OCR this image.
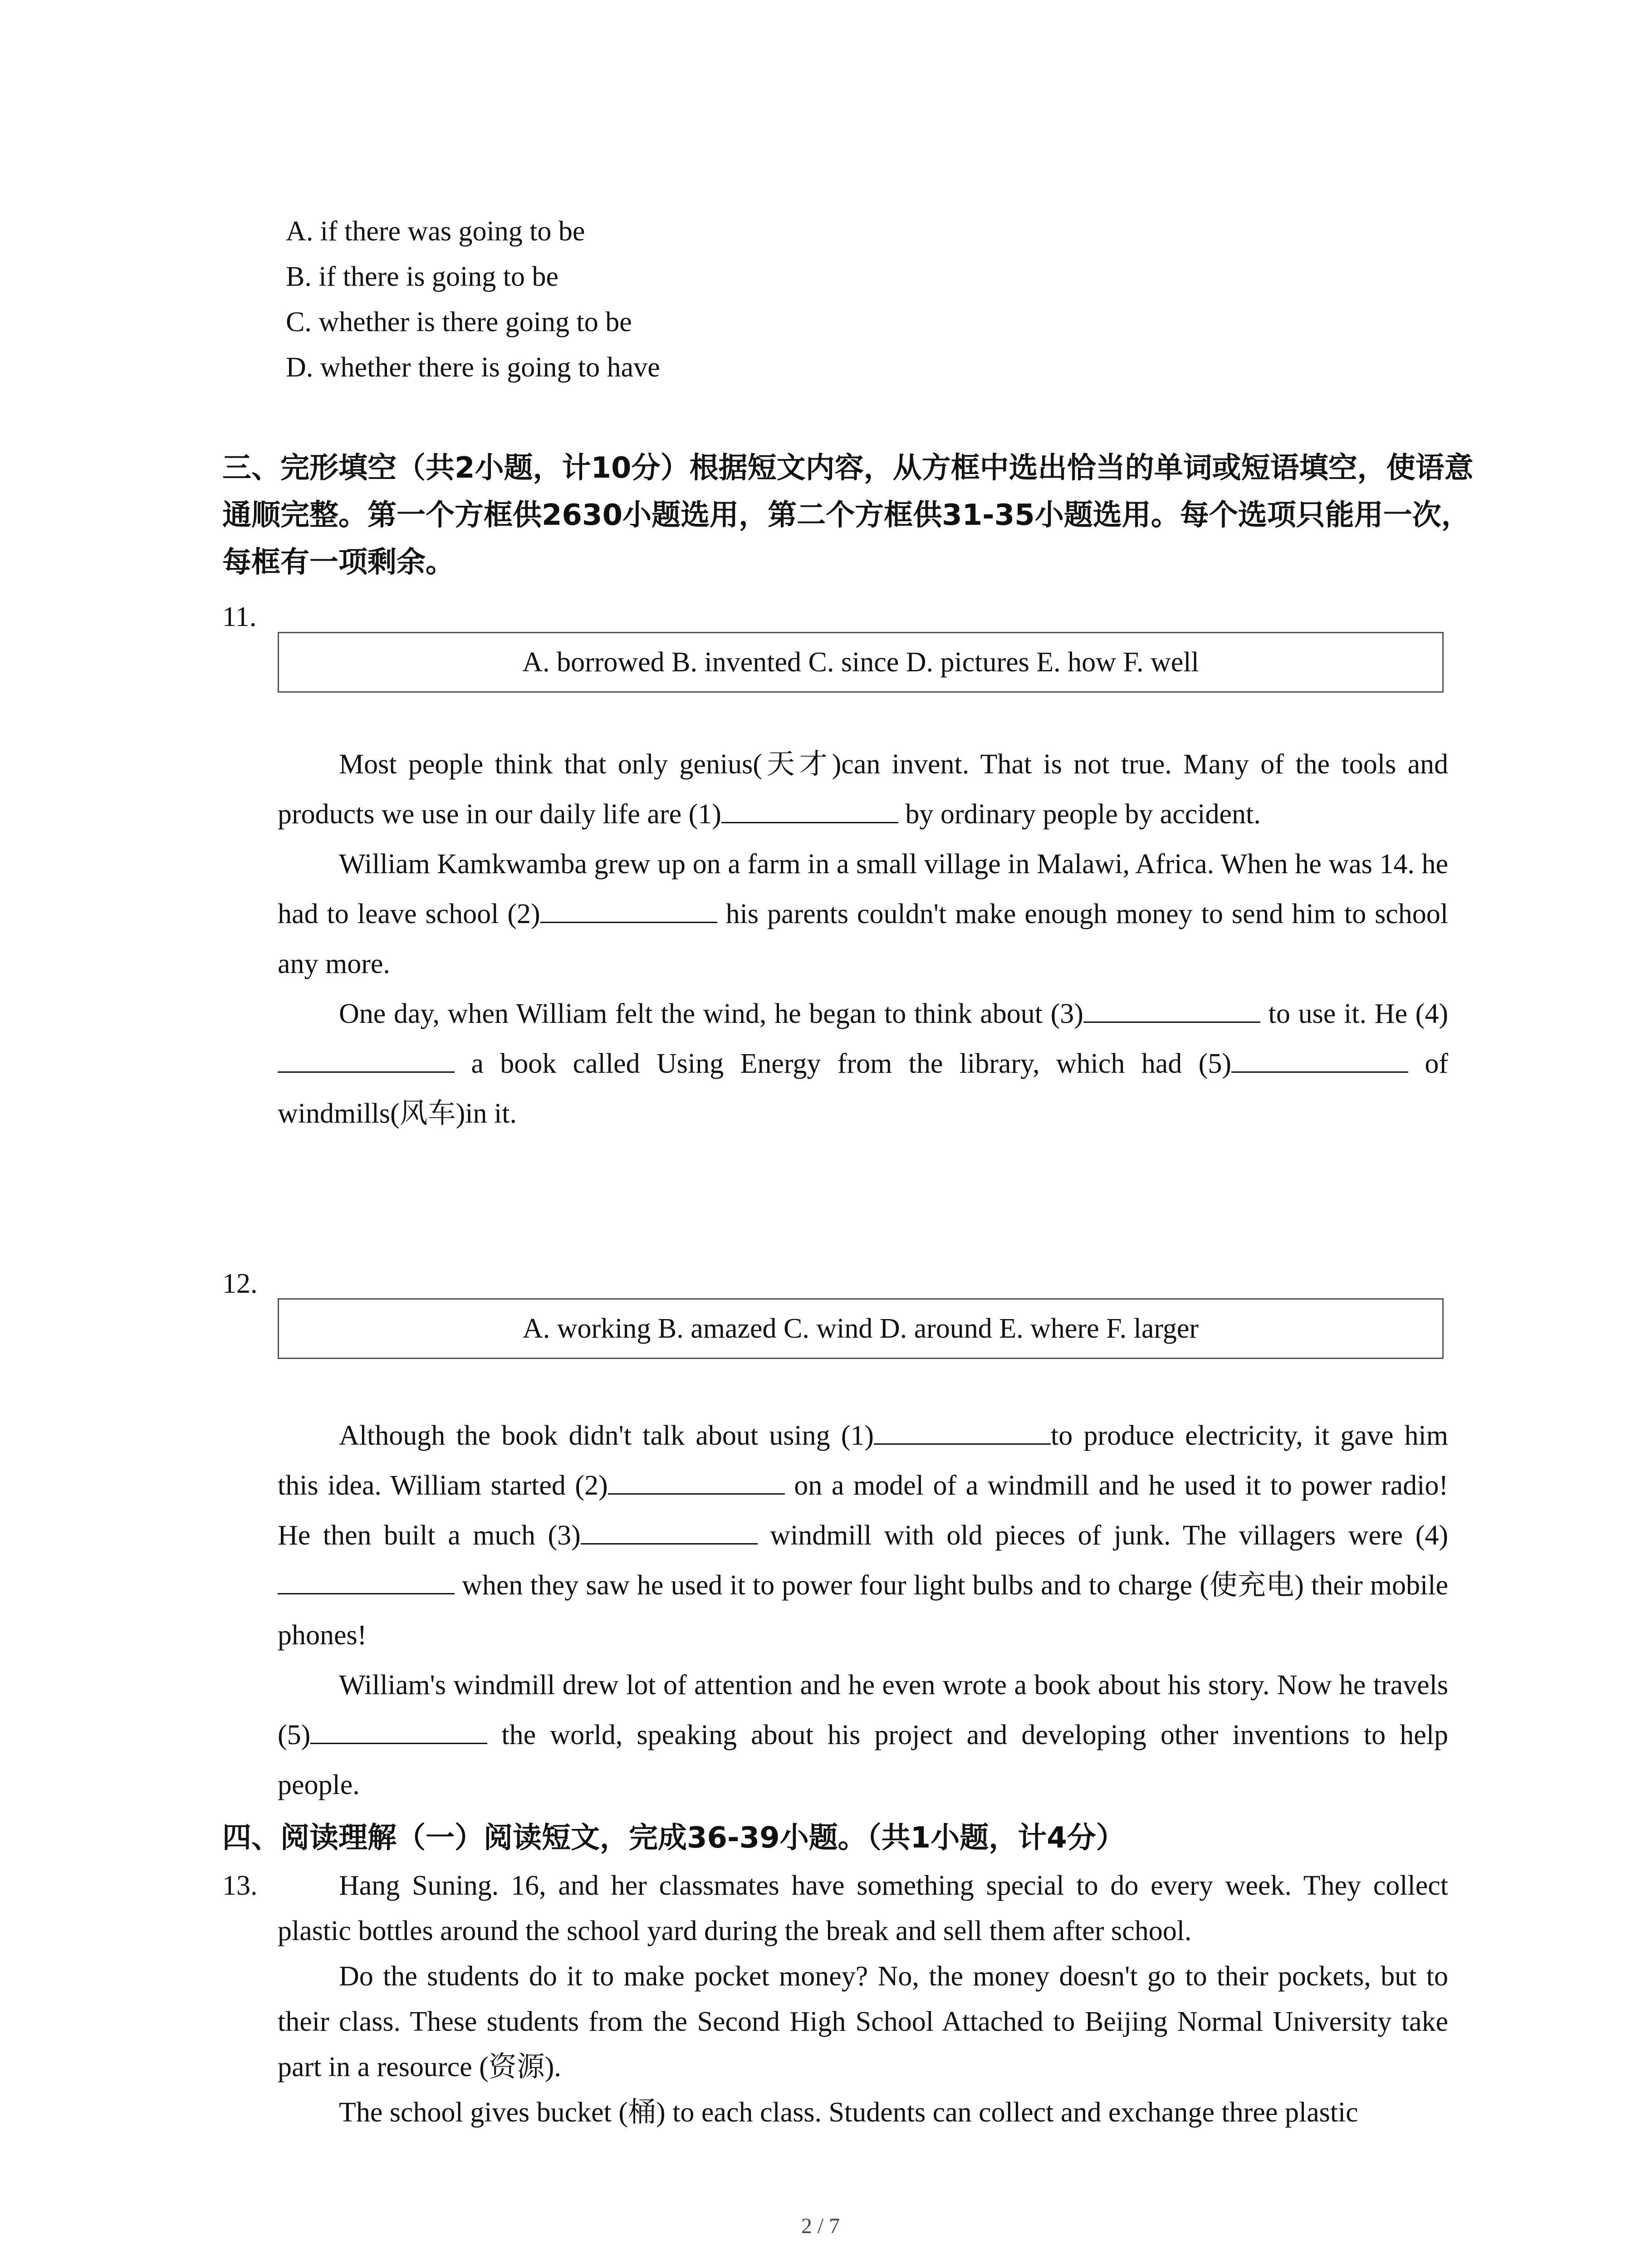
A. if there was going to be
B. if there is going to be
C. whether is there going to be
D. whether there is going to have
三、完形填空（共2小题，计10分）根据短文内容，从方框中选出恰当的单词或短语填空，使语意通顺完整。第一个方框供2630小题选用，第二个方框供31-35小题选用。每个选项只能用一次，每框有一项剩余。
11.
A. borrowed B. invented C. since D. pictures E. how F. well

Most people think that only genius(天才)can invent. That is not true. Many of the tools and products we use in our daily life are (1)	by ordinary people by accident.

William Kamkwamba grew up on a farm in a small village in Malawi, Africa. When he was 14. he had to leave school (2)	his parents couldn't make enough money to send him to school any more.

One day, when William felt the wind, he began to think about (3)	to use it. He (4) a book called Using Energy from the library, which had (5)	of windmills(风车)in it.

12.
A. working B. amazed C. wind D. around E. where F. larger

Although the book didn't talk about using (1)	to produce electricity, it gave him this idea. William started (2)	on a model of a windmill and he used it to power radio! He then built a much (3)	windmill with old pieces of junk. The villagers were (4) when they saw he used it to power four light bulbs and to charge (使充电) their mobile phones!

William's windmill drew lot of attention and he even wrote a book about his story. Now he travels (5)	the world, speaking about his project and developing other inventions to help people.

四、阅读理解（一）阅读短文，完成36-39小题。（共1小题，计4分）
13.	Hang Suning. 16, and her classmates have something special to do every week. They collect plastic bottles around the school yard during the break and sell them after school.

Do the students do it to make pocket money? No, the money doesn't go to their pockets, but to their class. These students from the Second High School Attached to Beijing Normal University take part in a resource (资源).

The school gives bucket (桶) to each class. Students can collect and exchange three plastic

2 / 7
